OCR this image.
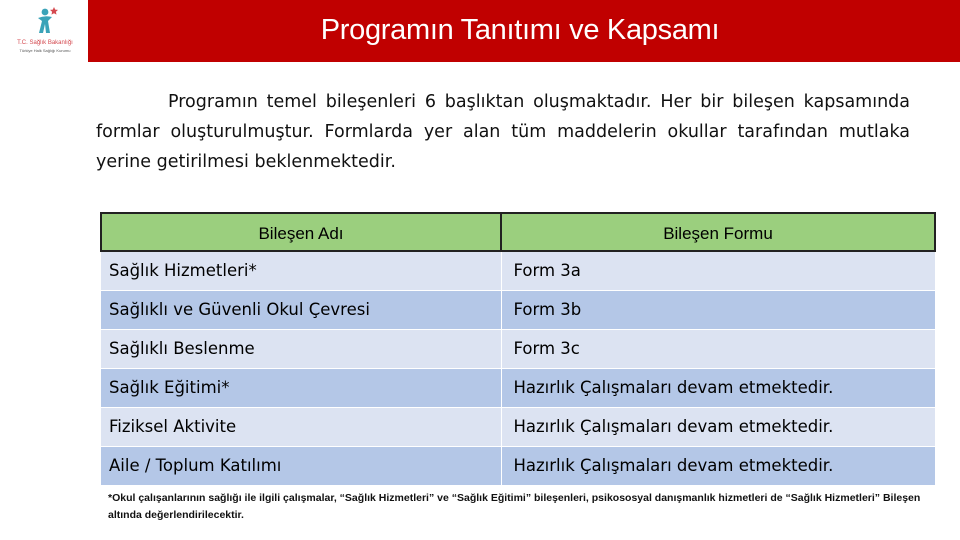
T.C. Sağlık Bakanlığı
Türkiye Halk Sağlığı Kurumu
Programın Tanıtımı ve Kapsamı

Programın temel bileşenleri 6 başlıktan oluşmaktadır. Her bir bileşen kapsamında formlar oluşturulmuştur. Formlarda yer alan tüm maddelerin okullar tarafından mutlaka yerine getirilmesi beklenmektedir.

Bileşen Adı	Bileşen Formu
Sağlık Hizmetleri*	Form 3a
Sağlıklı ve Güvenli Okul Çevresi	Form 3b
Sağlıklı Beslenme	Form 3c
Sağlık Eğitimi*	Hazırlık Çalışmaları devam etmektedir.
Fiziksel Aktivite	Hazırlık Çalışmaları devam etmektedir.
Aile / Toplum Katılımı	Hazırlık Çalışmaları devam etmektedir.
*Okul çalışanlarının sağlığı ile ilgili çalışmalar, “Sağlık Hizmetleri” ve “Sağlık Eğitimi” bileşenleri, psikososyal danışmanlık hizmetleri de “Sağlık Hizmetleri” Bileşen altında değerlendirilecektir.
